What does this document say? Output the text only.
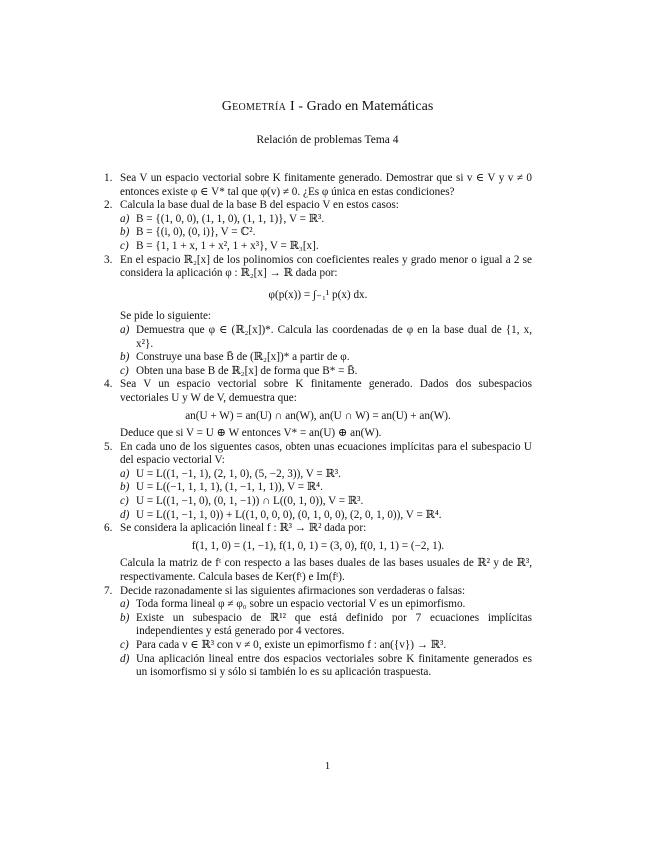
Geometría I - Grado en Matemáticas
Relación de problemas Tema 4
1. Sea V un espacio vectorial sobre K finitamente generado. Demostrar que si v ∈ V y v ≠ 0 entonces existe φ ∈ V* tal que φ(v) ≠ 0. ¿Es φ única en estas condiciones?
2. Calcula la base dual de la base B del espacio V en estos casos:
a) B = {(1, 0, 0), (1, 1, 0), (1, 1, 1)}, V = ℝ³.
b) B = {(i, 0), (0, i)}, V = ℂ².
c) B = {1, 1 + x, 1 + x², 1 + x³}, V = ℝ₃[x].
3. En el espacio ℝ₂[x] de los polinomios con coeficientes reales y grado menor o igual a 2 se considera la aplicación φ : ℝ₂[x] → ℝ dada por:
φ(p(x)) = ∫₋₁¹ p(x) dx.
Se pide lo siguiente:
a) Demuestra que φ ∈ (ℝ₂[x])*. Calcula las coordenadas de φ en la base dual de {1, x, x²}.
b) Construye una base B̄ de (ℝ₂[x])* a partir de φ.
c) Obten una base B de ℝ₂[x] de forma que B* = B̄.
4. Sea V un espacio vectorial sobre K finitamente generado. Dados dos subespacios vectoriales U y W de V, demuestra que:
an(U + W) = an(U) ∩ an(W), an(U ∩ W) = an(U) + an(W).
Deduce que si V = U ⊕ W entonces V* = an(U) ⊕ an(W).
5. En cada uno de los siguentes casos, obten unas ecuaciones implícitas para el subespacio U del espacio vectorial V:
a) U = L((1, −1, 1), (2, 1, 0), (5, −2, 3)), V = ℝ³.
b) U = L((−1, 1, 1, 1), (1, −1, 1, 1)), V = ℝ⁴.
c) U = L((1, −1, 0), (0, 1, −1)) ∩ L((0, 1, 0)), V = ℝ³.
d) U = L((1, −1, 1, 0)) + L((1, 0, 0, 0), (0, 1, 0, 0), (2, 0, 1, 0)), V = ℝ⁴.
6. Se considera la aplicación lineal f : ℝ³ → ℝ² dada por:
f(1, 1, 0) = (1, −1), f(1, 0, 1) = (3, 0), f(0, 1, 1) = (−2, 1).
Calcula la matriz de fᵗ con respecto a las bases duales de las bases usuales de ℝ² y de ℝ³, respectivamente. Calcula bases de Ker(fᵗ) e Im(fᵗ).
7. Decide razonadamente si las siguientes afirmaciones son verdaderas o falsas:
a) Toda forma lineal φ ≠ φ₀ sobre un espacio vectorial V es un epimorfismo.
b) Existe un subespacio de ℝ¹² que está definido por 7 ecuaciones implícitas independientes y está generado por 4 vectores.
c) Para cada v ∈ ℝ³ con v ≠ 0, existe un epimorfismo f : an({v}) → ℝ³.
d) Una aplicación lineal entre dos espacios vectoriales sobre K finitamente generados es un isomorfismo si y sólo si también lo es su aplicación traspuesta.
1
